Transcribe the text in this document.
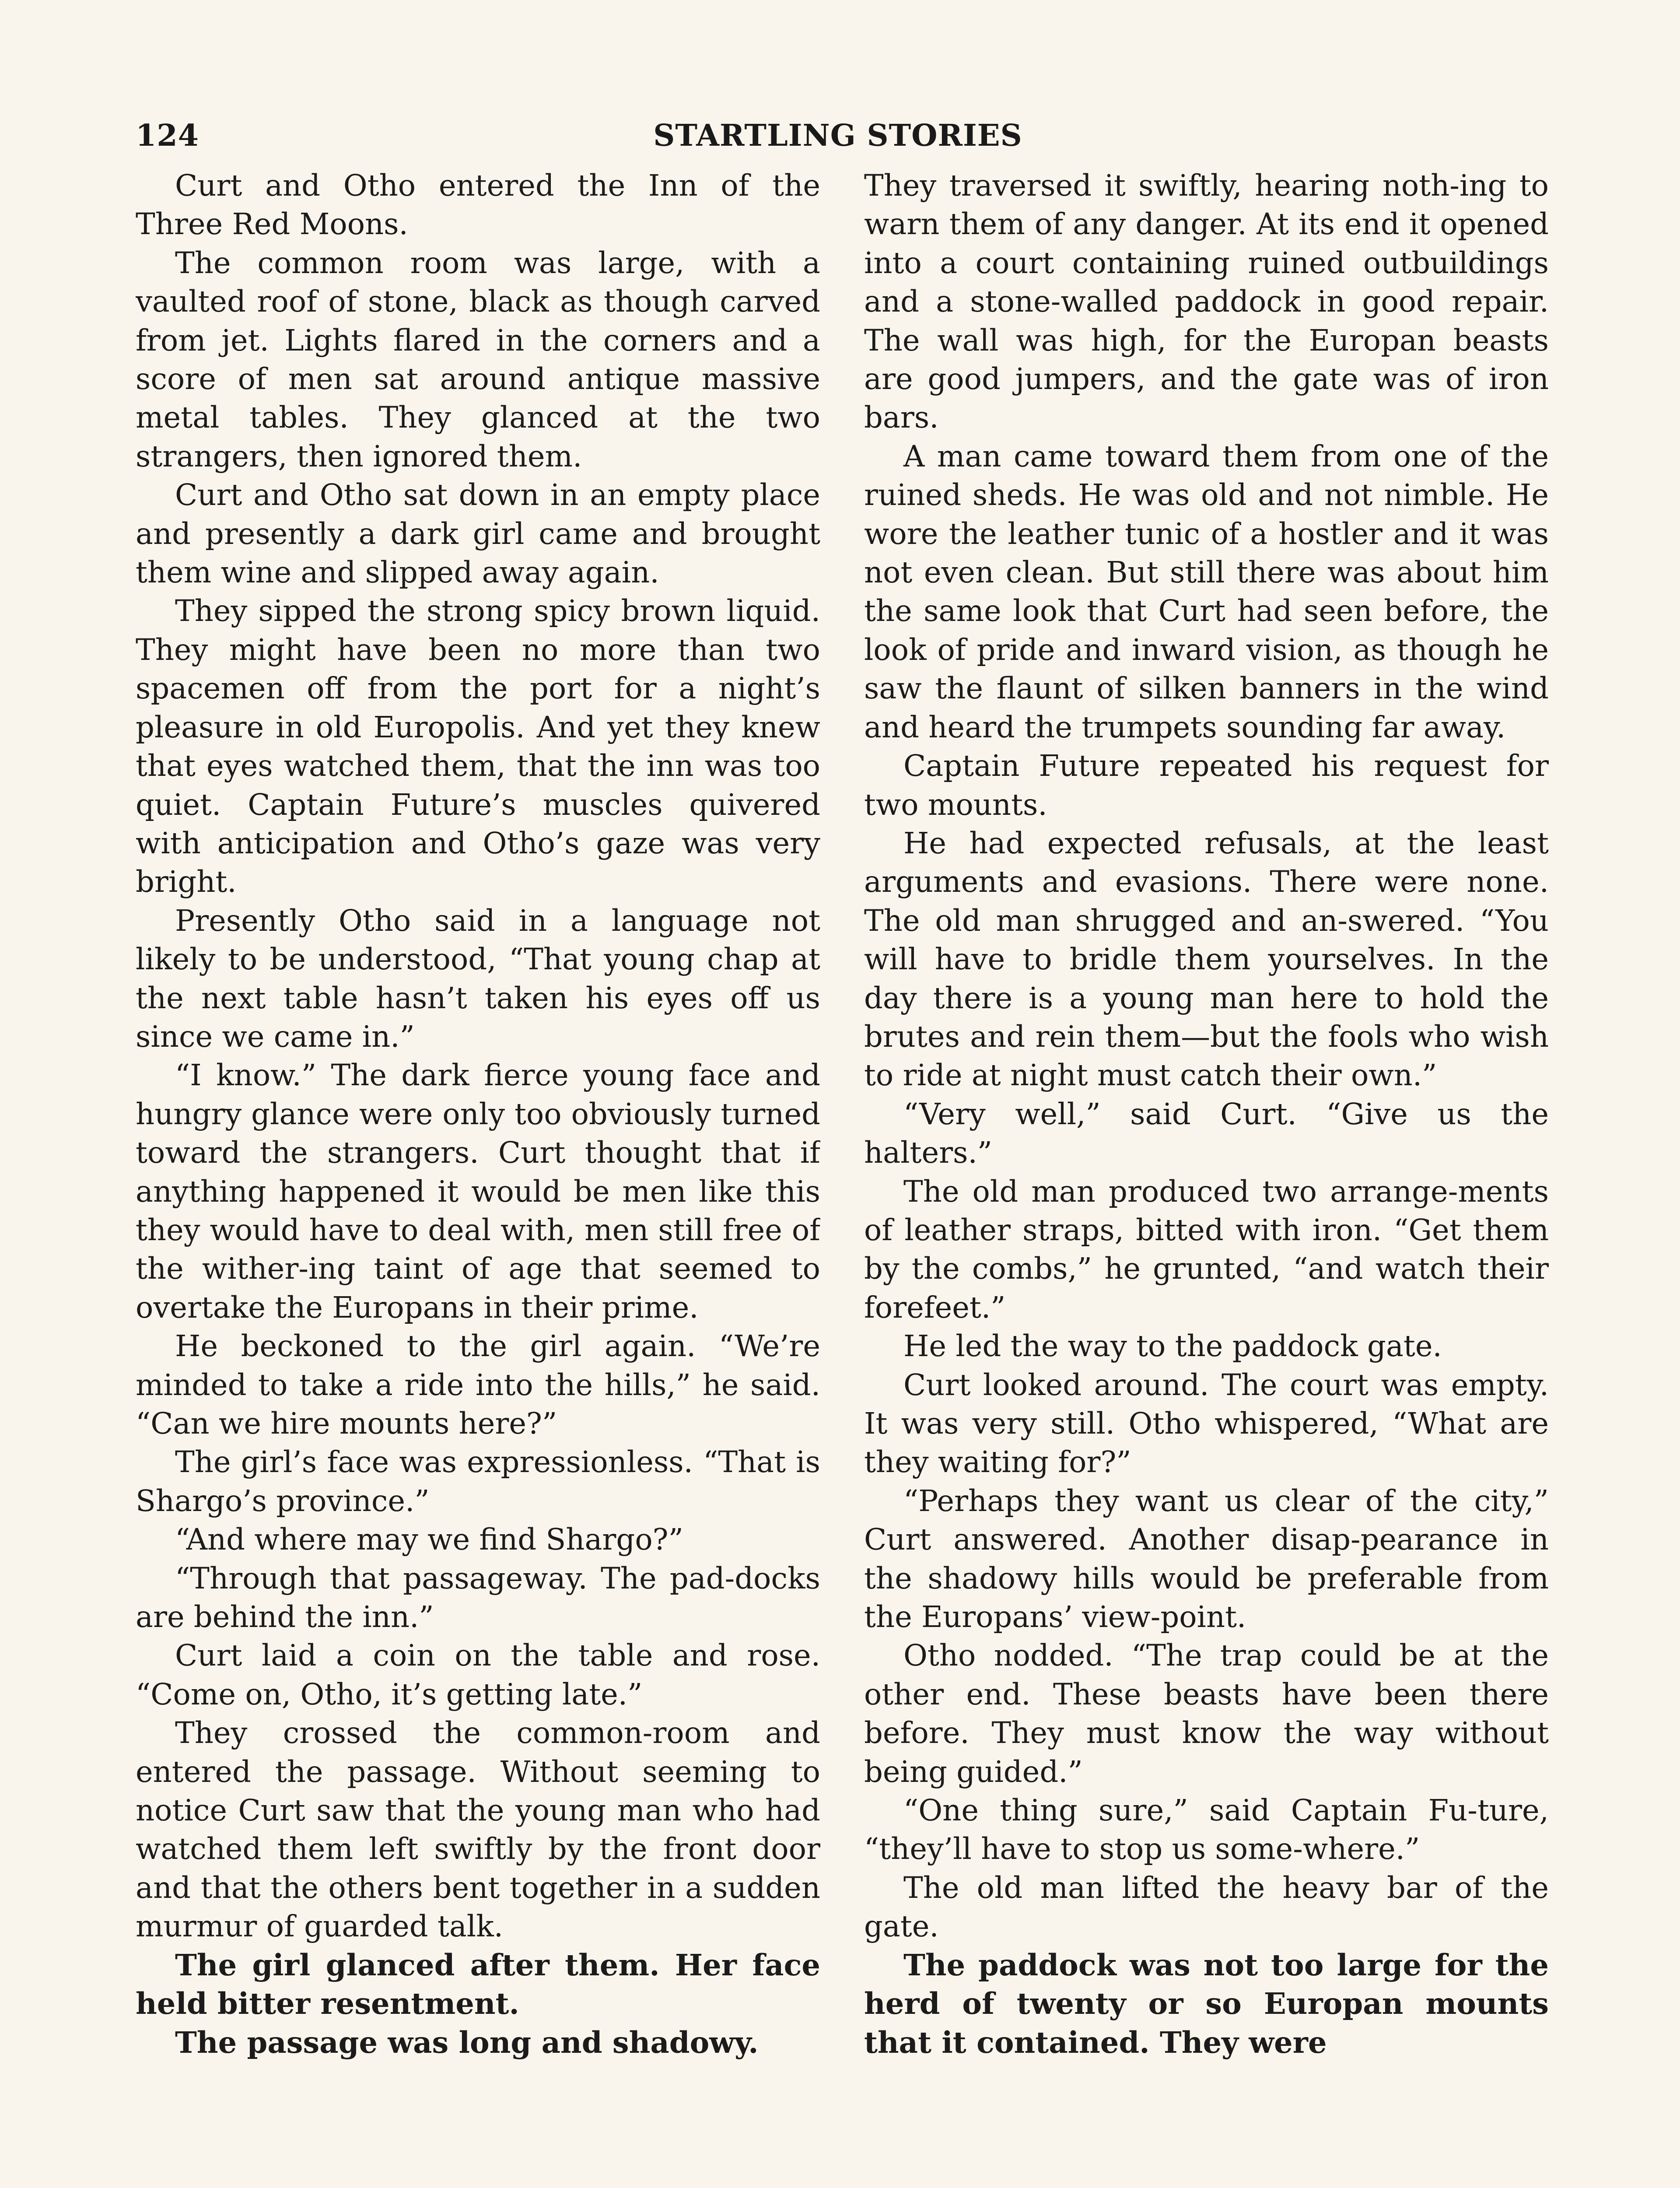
124	STARTLING STORIES

Curt and Otho entered the Inn of the Three Red Moons.

The common room was large, with a vaulted roof of stone, black as though carved from jet. Lights flared in the corners and a score of men sat around antique massive metal tables. They glanced at the two strangers, then ignored them.

Curt and Otho sat down in an empty place and presently a dark girl came and brought them wine and slipped away again.

They sipped the strong spicy brown liquid. They might have been no more than two spacemen off from the port for a night’s pleasure in old Europolis. And yet they knew that eyes watched them, that the inn was too quiet. Captain Future’s muscles quivered with anticipation and Otho’s gaze was very bright.

Presently Otho said in a language not likely to be understood, “That young chap at the next table hasn’t taken his eyes off us since we came in.”

“I know.” The dark fierce young face and hungry glance were only too obviously turned toward the strangers. Curt thought that if anything happened it would be men like this they would have to deal with, men still free of the wither-ing taint of age that seemed to overtake the Europans in their prime.

He beckoned to the girl again. “We’re minded to take a ride into the hills,” he said. “Can we hire mounts here?”

The girl’s face was expressionless. “That is Shargo’s province.”

“And where may we find Shargo?”

“Through that passageway. The pad-docks are behind the inn.”

Curt laid a coin on the table and rose. “Come on, Otho, it’s getting late.”

They crossed the common-room and entered the passage. Without seeming to notice Curt saw that the young man who had watched them left swiftly by the front door and that the others bent together in a sudden murmur of guarded talk.

The girl glanced after them. Her face held bitter resentment.

The passage was long and shadowy.

They traversed it swiftly, hearing noth-ing to warn them of any danger. At its end it opened into a court containing ruined outbuildings and a stone-walled paddock in good repair. The wall was high, for the Europan beasts are good jumpers, and the gate was of iron bars.

A man came toward them from one of the ruined sheds. He was old and not nimble. He wore the leather tunic of a hostler and it was not even clean. But still there was about him the same look that Curt had seen before, the look of pride and inward vision, as though he saw the flaunt of silken banners in the wind and heard the trumpets sounding far away.

Captain Future repeated his request for two mounts.

He had expected refusals, at the least arguments and evasions. There were none. The old man shrugged and an-swered. “You will have to bridle them yourselves. In the day there is a young man here to hold the brutes and rein them—but the fools who wish to ride at night must catch their own.”

“Very well,” said Curt. “Give us the halters.”

The old man produced two arrange-ments of leather straps, bitted with iron. “Get them by the combs,” he grunted, “and watch their forefeet.”

He led the way to the paddock gate.

Curt looked around. The court was empty. It was very still. Otho whispered, “What are they waiting for?”

“Perhaps they want us clear of the city,” Curt answered. Another disap-pearance in the shadowy hills would be preferable from the Europans’ view-point.

Otho nodded. “The trap could be at the other end. These beasts have been there before. They must know the way without being guided.”

“One thing sure,” said Captain Fu-ture, “they’ll have to stop us some-where.”

The old man lifted the heavy bar of the gate.

The paddock was not too large for the herd of twenty or so Europan mounts that it contained. They were
